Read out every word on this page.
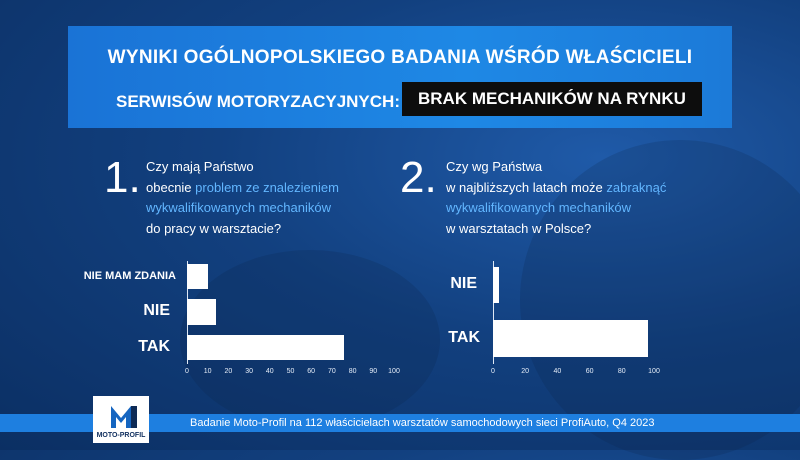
WYNIKI OGÓLNOPOLSKIEGO BADANIA WŚRÓD WŁAŚCICIELI
SERWISÓW MOTORYZACYJNYCH:	BRAK MECHANIKÓW NA RYNKU
1. Czy mają Państwo
obecnie problem ze znalezieniem
wykwalifikowanych mechaników
do pracy w warsztacie?
2. Czy wg Państwa
w najbliższych latach może zabraknąć
wykwalifikowanych mechaników
w warsztatach w Polsce?
NIE MAM ZDANIA
NIE
TAK
0 10 20 30 40 50 60 70 80 90 100
NIE
TAK
0	20	40	60	80	100
Badanie Moto-Profil na 112 właścicielach warsztatów samochodowych sieci ProfiAuto, Q4 2023
MOTO-PROFIL
